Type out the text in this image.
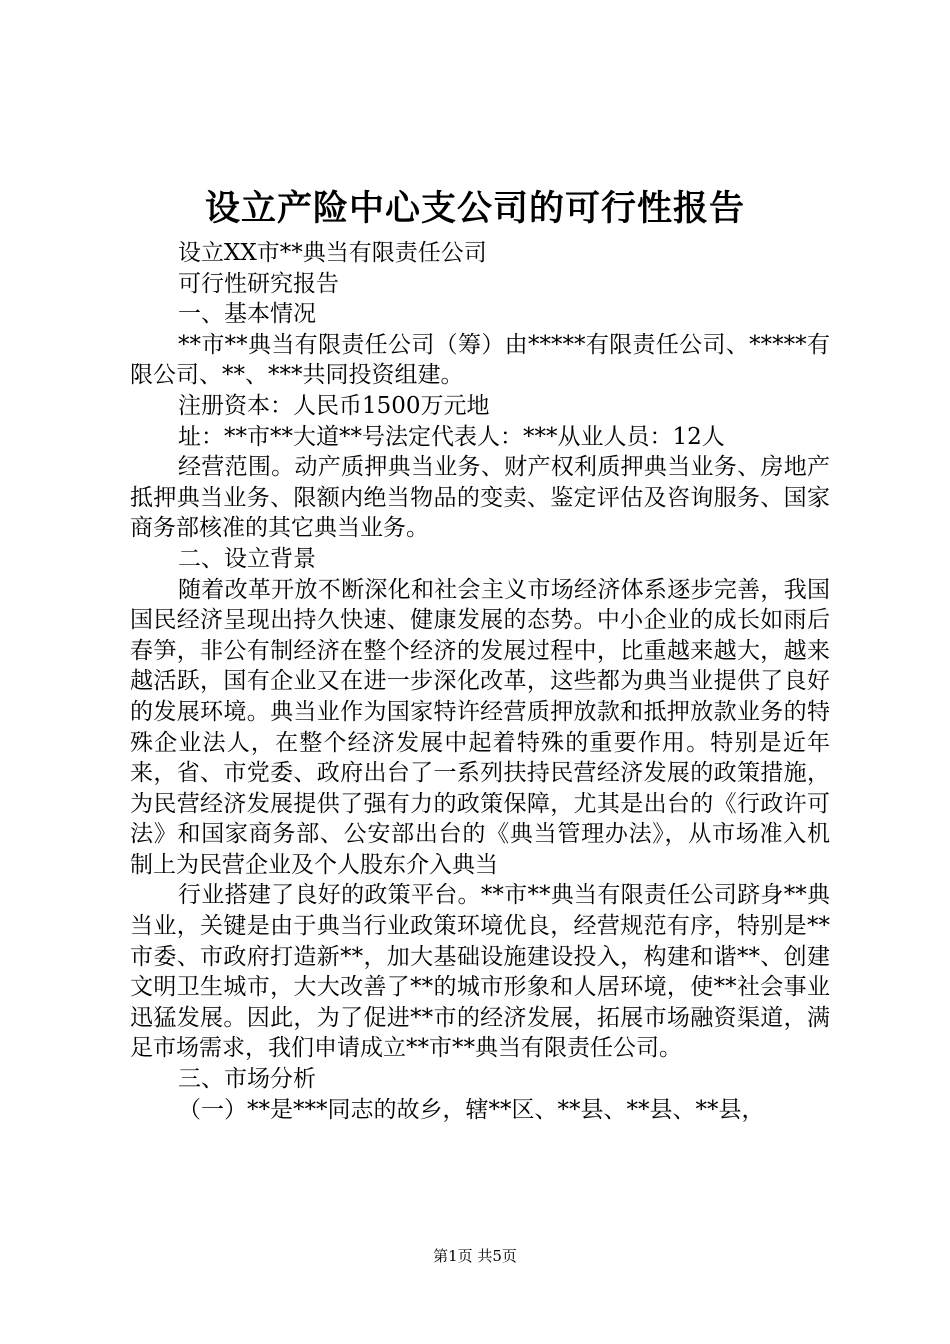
设立产险中心支公司的可行性报告

设立XX市**典当有限责任公司

可行性研究报告

一、基本情况

**市**典当有限责任公司（筹）由*****有限责任公司、*****有限公司、**、***共同投资组建。

注册资本：人民币1500万元地

址：**市**大道**号法定代表人：***从业人员：12人

经营范围。动产质押典当业务、财产权利质押典当业务、房地产抵押典当业务、限额内绝当物品的变卖、鉴定评估及咨询服务、国家商务部核准的其它典当业务。

二、设立背景

随着改革开放不断深化和社会主义市场经济体系逐步完善，我国国民经济呈现出持久快速、健康发展的态势。中小企业的成长如雨后春笋，非公有制经济在整个经济的发展过程中，比重越来越大，越来越活跃，国有企业又在进一步深化改革，这些都为典当业提供了良好的发展环境。典当业作为国家特许经营质押放款和抵押放款业务的特殊企业法人，在整个经济发展中起着特殊的重要作用。特别是近年来，省、市党委、政府出台了一系列扶持民营经济发展的政策措施，为民营经济发展提供了强有力的政策保障，尤其是出台的《行政许可法》和国家商务部、公安部出台的《典当管理办法》，从市场准入机制上为民营企业及个人股东介入典当

行业搭建了良好的政策平台。**市**典当有限责任公司跻身**典当业，关键是由于典当行业政策环境优良，经营规范有序，特别是**市委、市政府打造新**，加大基础设施建设投入，构建和谐**、创建文明卫生城市，大大改善了**的城市形象和人居环境，使**社会事业迅猛发展。因此，为了促进**市的经济发展，拓展市场融资渠道，满足市场需求，我们申请成立**市**典当有限责任公司。

三、市场分析

（一）**是***同志的故乡，辖**区、**县、**县、**县，

第1页 共5页
